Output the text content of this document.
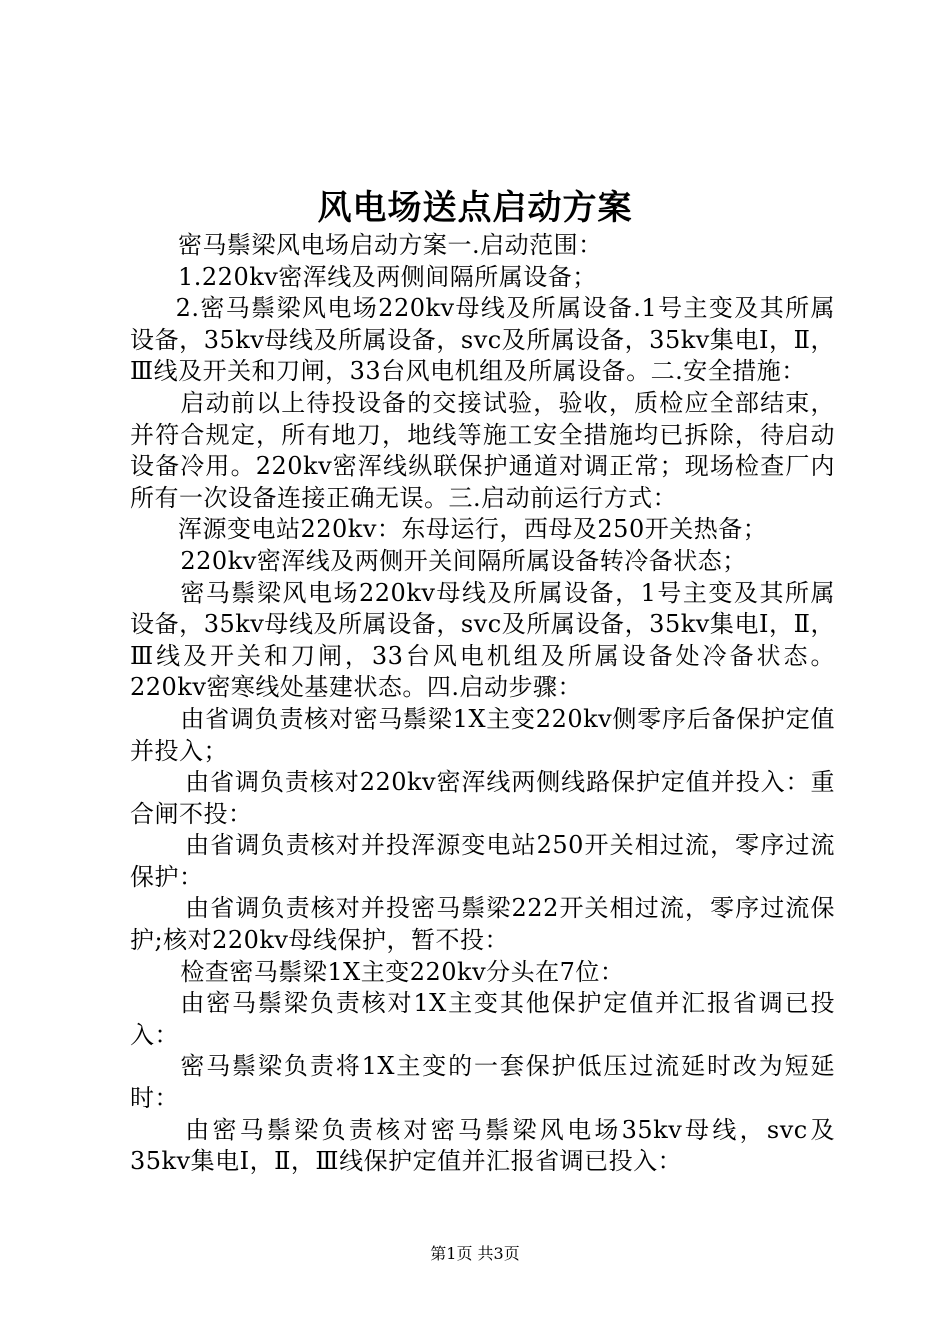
风电场送点启动方案

密马鬃梁风电场启动方案一.启动范围：

1.220kv密浑线及两侧间隔所属设备；

2.密马鬃梁风电场220kv母线及所属设备.1号主变及其所属设备，35kv母线及所属设备，svc及所属设备，35kv集电Ⅰ，Ⅱ，Ⅲ线及开关和刀闸，33台风电机组及所属设备。二.安全措施：

启动前以上待投设备的交接试验，验收，质检应全部结束，并符合规定，所有地刀，地线等施工安全措施均已拆除，待启动设备冷用。220kv密浑线纵联保护通道对调正常；现场检查厂内所有一次设备连接正确无误。三.启动前运行方式：

浑源变电站220kv：东母运行，西母及250开关热备；

220kv密浑线及两侧开关间隔所属设备转冷备状态；

密马鬃梁风电场220kv母线及所属设备，1号主变及其所属设备，35kv母线及所属设备，svc及所属设备，35kv集电Ⅰ，Ⅱ，Ⅲ线及开关和刀闸，33台风电机组及所属设备处冷备状态。220kv密寒线处基建状态。四.启动步骤：

由省调负责核对密马鬃梁1X主变220kv侧零序后备保护定值并投入；

由省调负责核对220kv密浑线两侧线路保护定值并投入：重合闸不投：

由省调负责核对并投浑源变电站250开关相过流，零序过流保护：

由省调负责核对并投密马鬃梁222开关相过流，零序过流保护;核对220kv母线保护，暂不投：

检查密马鬃梁1X主变220kv分头在7位：

由密马鬃梁负责核对1X主变其他保护定值并汇报省调已投入：

密马鬃梁负责将1X主变的一套保护低压过流延时改为短延时：

由密马鬃梁负责核对密马鬃梁风电场35kv母线，svc及35kv集电Ⅰ，Ⅱ，Ⅲ线保护定值并汇报省调已投入：

第1页 共3页
